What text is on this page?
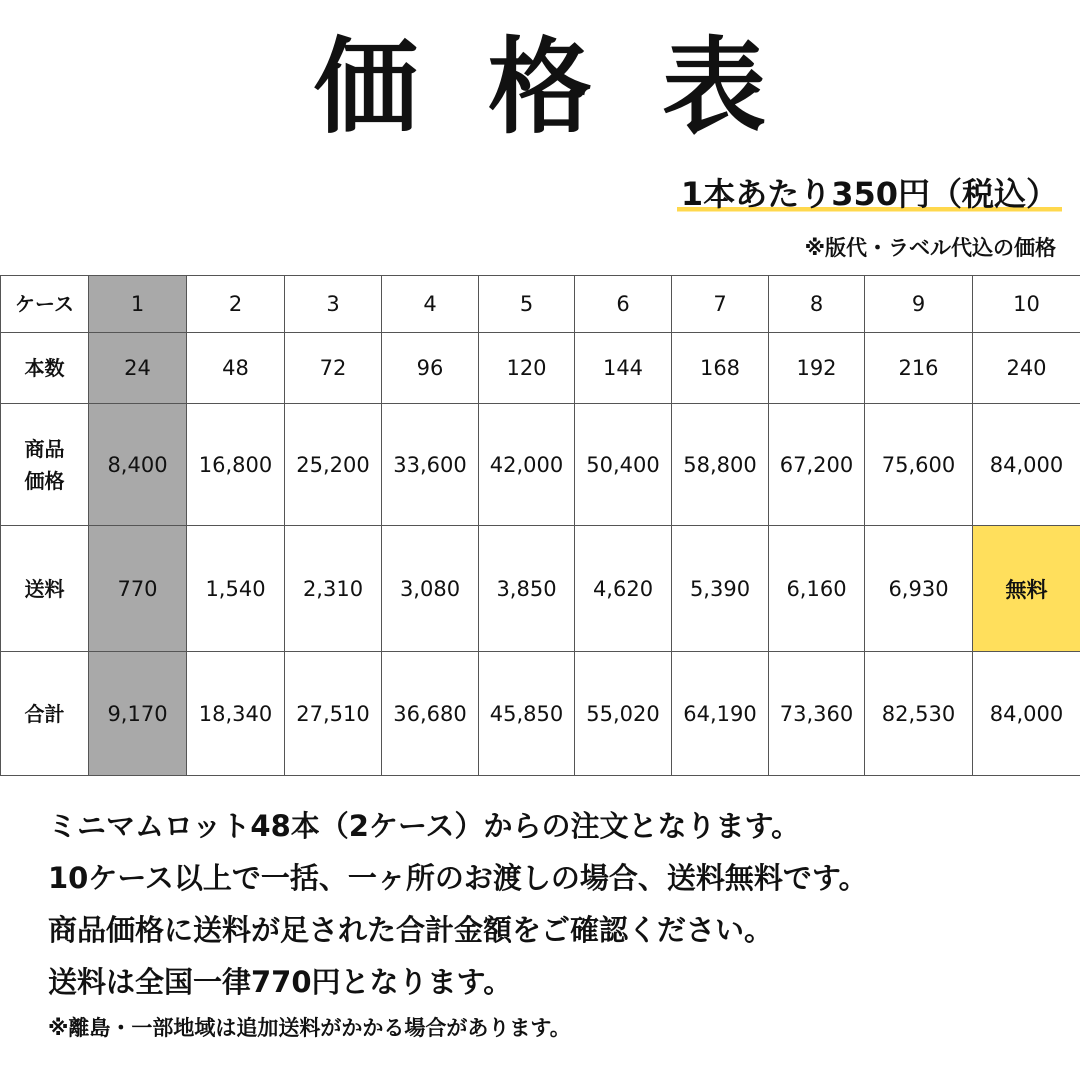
価格表
1本あたり350円（税込）
※版代・ラベル代込の価格
ケース	1	2	3	4	5	6	7	8	9	10
本数	24	48	72	96	120	144	168	192	216	240
商品価格	8,400	16,800	25,200	33,600	42,000	50,400	58,800	67,200	75,600	84,000
送料	770	1,540	2,310	3,080	3,850	4,620	5,390	6,160	6,930	無料
合計	9,170	18,340	27,510	36,680	45,850	55,020	64,190	73,360	82,530	84,000
ミニマムロット48本（2ケース）からの注文となります。
10ケース以上で一括、一ヶ所のお渡しの場合、送料無料です。
商品価格に送料が足された合計金額をご確認ください。
送料は全国一律770円となります。
※離島・一部地域は追加送料がかかる場合があります。
